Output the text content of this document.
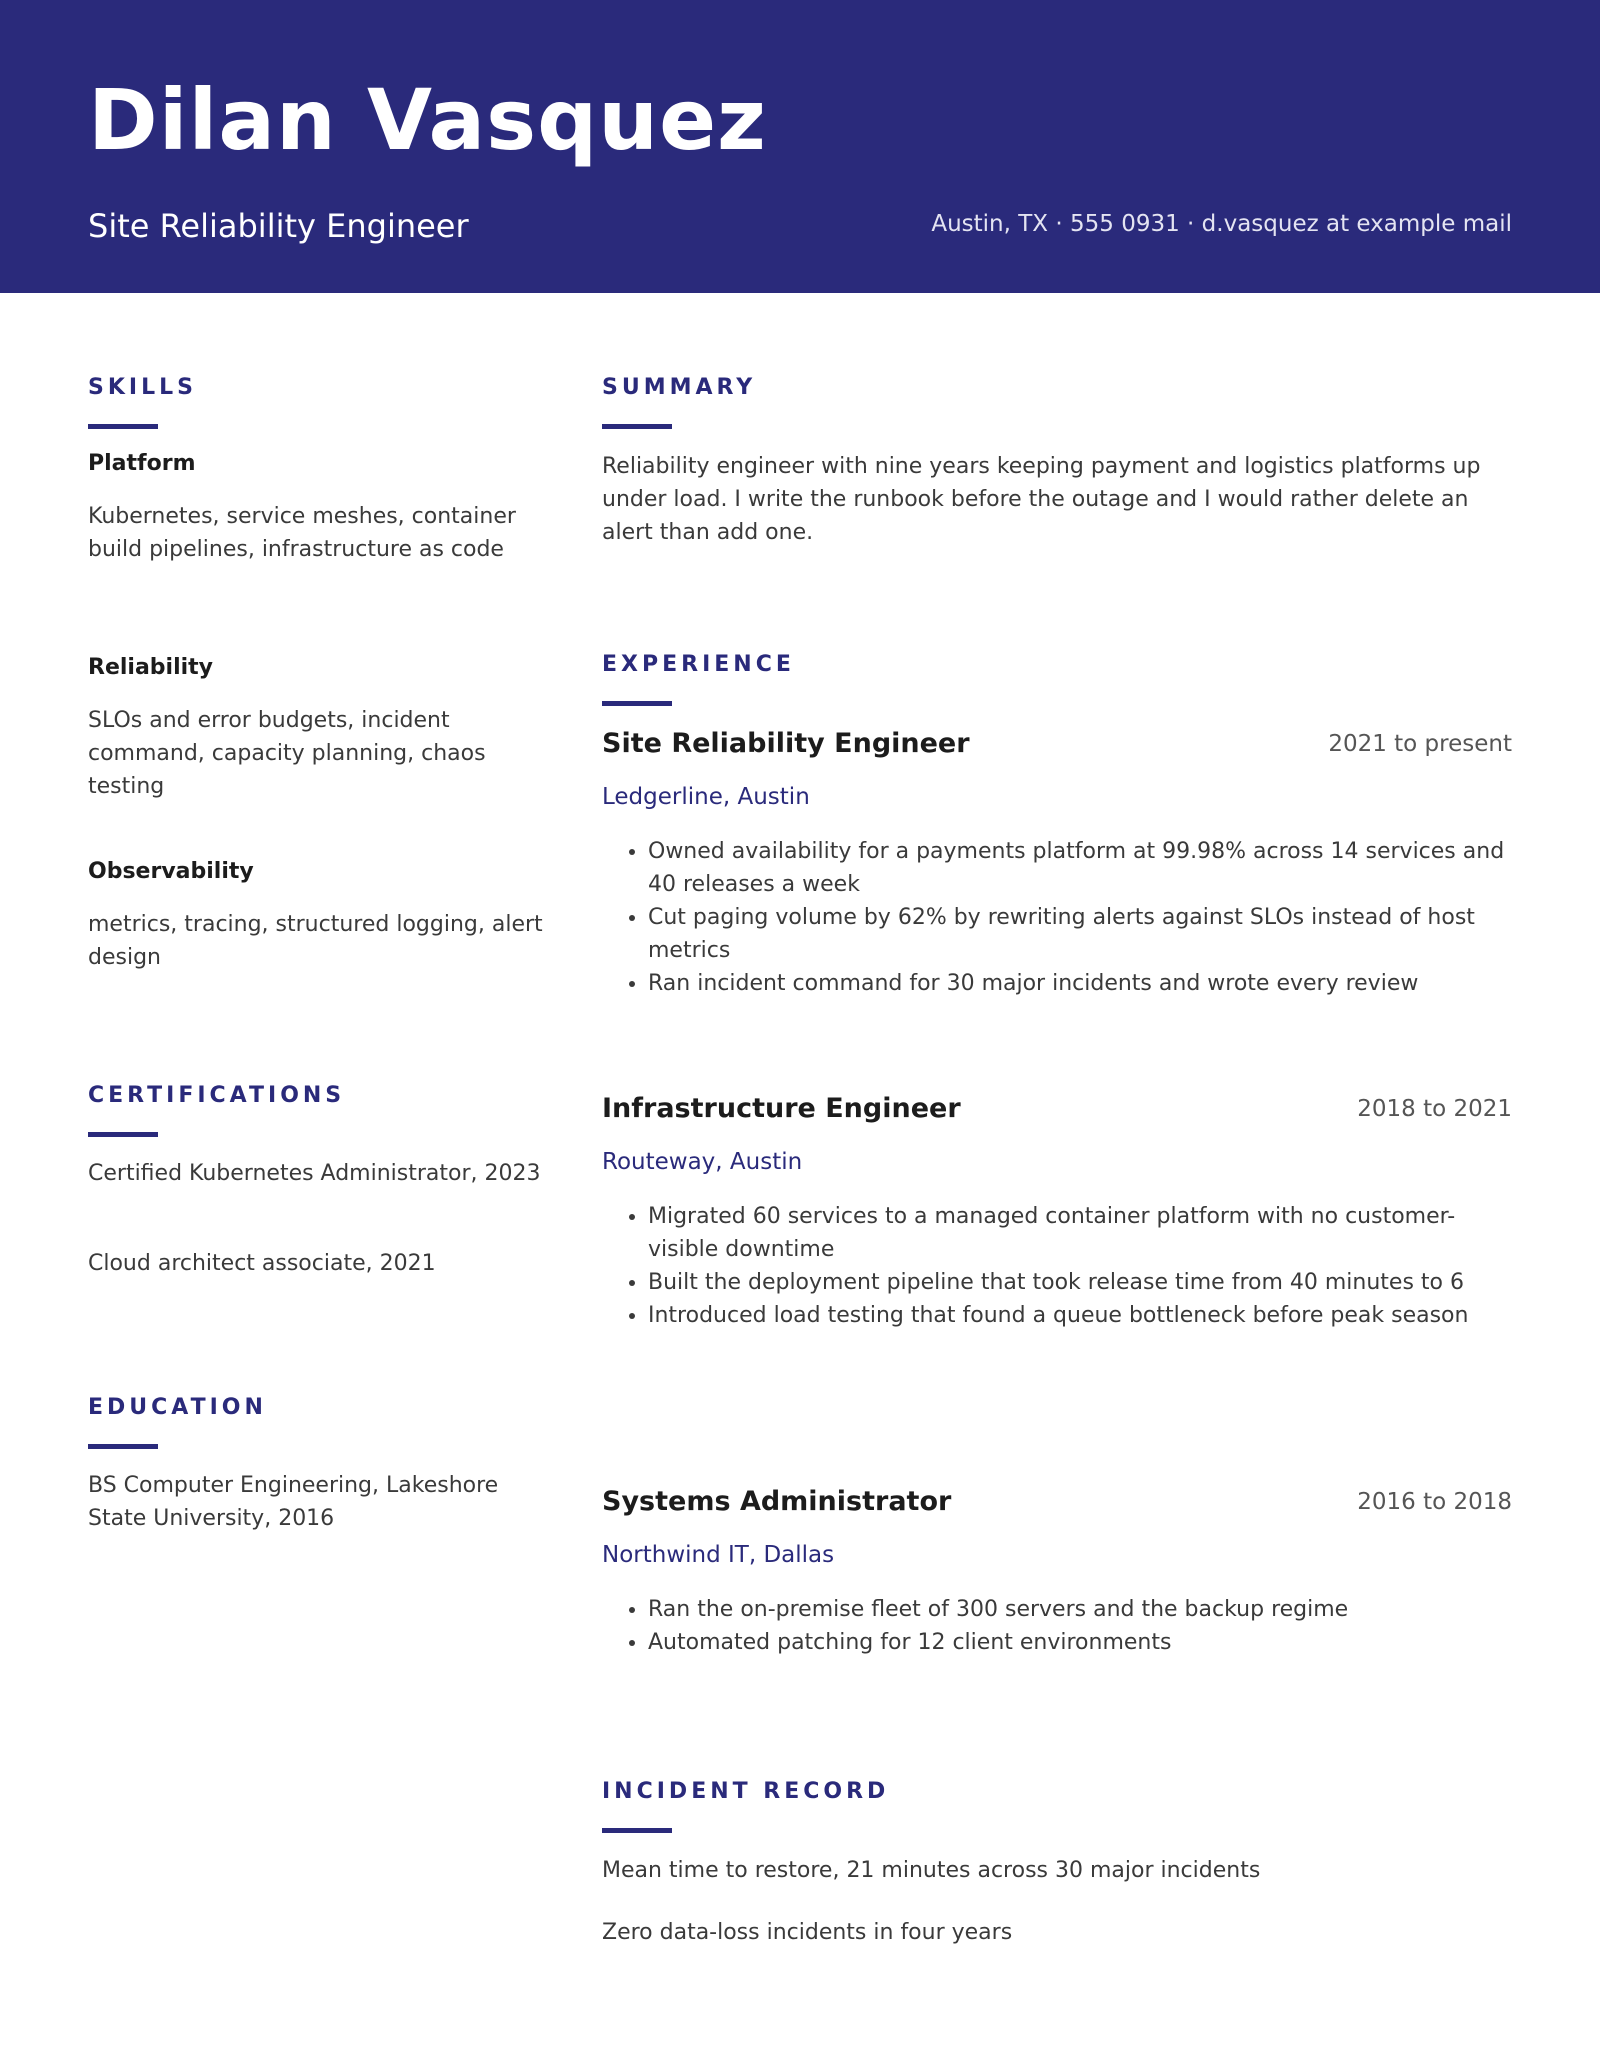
Dilan Vasquez
Site Reliability Engineer	Austin, TX · 555 0931 · d.vasquez at example mail
SKILLS
Platform
Kubernetes, service meshes, container build pipelines, infrastructure as code
Reliability
SLOs and error budgets, incident command, capacity planning, chaos testing
Observability
metrics, tracing, structured logging, alert design
CERTIFICATIONS
Certified Kubernetes Administrator, 2023
Cloud architect associate, 2021
EDUCATION
BS Computer Engineering, Lakeshore State University, 2016
SUMMARY
Reliability engineer with nine years keeping payment and logistics platforms up under load. I write the runbook before the outage and I would rather delete an alert than add one.
EXPERIENCE
Site Reliability Engineer	2021 to present
Ledgerline, Austin
• Owned availability for a payments platform at 99.98% across 14 services and 40 releases a week
• Cut paging volume by 62% by rewriting alerts against SLOs instead of host metrics
• Ran incident command for 30 major incidents and wrote every review
Infrastructure Engineer	2018 to 2021
Routeway, Austin
• Migrated 60 services to a managed container platform with no customer-visible downtime
• Built the deployment pipeline that took release time from 40 minutes to 6
• Introduced load testing that found a queue bottleneck before peak season
Systems Administrator	2016 to 2018
Northwind IT, Dallas
• Ran the on-premise fleet of 300 servers and the backup regime
• Automated patching for 12 client environments
INCIDENT RECORD
Mean time to restore, 21 minutes across 30 major incidents
Zero data-loss incidents in four years
